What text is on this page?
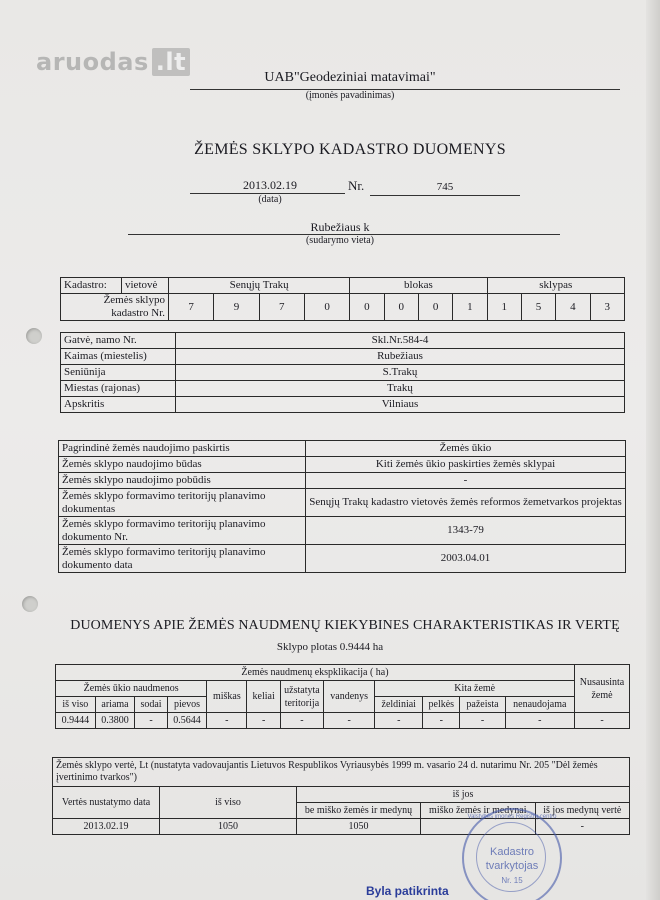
aruodas .lt
UAB"Geodeziniai matavimai"
(įmonės pavadinimas)
ŽEMĖS SKLYPO KADASTRO DUOMENYS
2013.02.19
(data)
Nr.	745
Rubežiaus k
(sudarymo vieta)
Kadastro:	vietovė	Senųjų Trakų				blokas				sklypas			
Žemės sklypo kadastro Nr.		7	9	7	0	0	0	0	1	1	5	4	3
Gatvė, namo Nr.	Skl.Nr.584-4
Kaimas (miestelis)	Rubežiaus
Seniūnija	S.Trakų
Miestas (rajonas)	Trakų
Apskritis	Vilniaus
Pagrindinė žemės naudojimo paskirtis	Žemės ūkio
Žemės sklypo naudojimo būdas	Kiti žemės ūkio paskirties žemės sklypai
Žemės sklypo naudojimo pobūdis	-
Žemės sklypo formavimo teritorijų planavimo dokumentas	Senųjų Trakų kadastro vietovės žemės reformos žemetvarkos projektas
Žemės sklypo formavimo teritorijų planavimo dokumento Nr.	1343-79
Žemės sklypo formavimo teritorijų planavimo dokumento data	2003.04.01
DUOMENYS APIE ŽEMĖS NAUDMENŲ KIEKYBINES CHARAKTERISTIKAS IR VERTĘ
Sklypo plotas 0.9444 ha
Žemės naudmenų ekspklikacija ( ha)												Nusausinta žemė
Žemės ūkio naudmenos				miškas	keliai	užstatyta teritorija	vandenys	Kita žemė				
iš viso	ariama	sodai	pievos					želdiniai	pelkės	pažeista	nenaudojama	
0.9444	0.3800	-	0.5644	-	-	-	-	-	-	-	-	-
Žemės sklypo vertė, Lt (nustatyta vadovaujantis Lietuvos Respublikos Vyriausybės 1999 m. vasario 24 d. nutarimu Nr. 205 "Dėl žemės įvertinimo tvarkos")				
Vertės nustatymo data	iš viso	iš jos		
		be miško žemės ir medynų	miško žemės ir medynai	iš jos medynų vertė
2013.02.19	1050	1050		-
Kadastro
tvarkytojas
Nr. 15
Valstybės įmonės Registrų centro
Byla patikrinta
